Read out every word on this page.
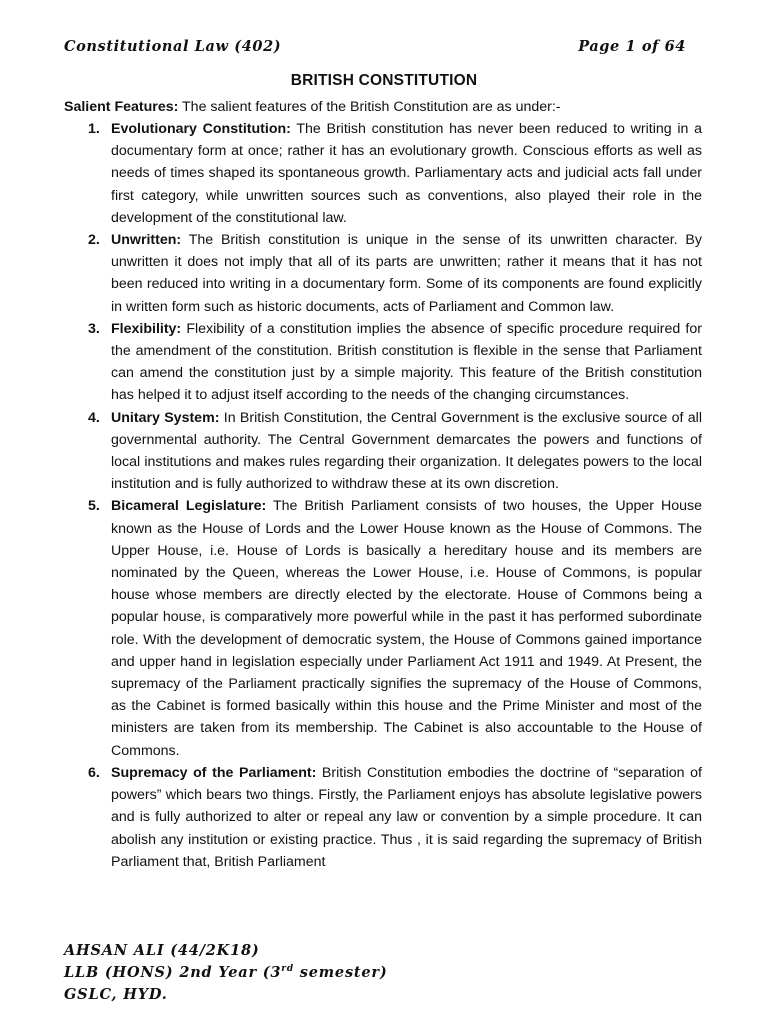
Constitutional Law (402)	Page 1 of 64
BRITISH CONSTITUTION
Salient Features: The salient features of the British Constitution are as under:-
1. Evolutionary Constitution: The British constitution has never been reduced to writing in a documentary form at once; rather it has an evolutionary growth. Conscious efforts as well as needs of times shaped its spontaneous growth. Parliamentary acts and judicial acts fall under first category, while unwritten sources such as conventions, also played their role in the development of the constitutional law.
2. Unwritten: The British constitution is unique in the sense of its unwritten character. By unwritten it does not imply that all of its parts are unwritten; rather it means that it has not been reduced into writing in a documentary form. Some of its components are found explicitly in written form such as historic documents, acts of Parliament and Common law.
3. Flexibility: Flexibility of a constitution implies the absence of specific procedure required for the amendment of the constitution. British constitution is flexible in the sense that Parliament can amend the constitution just by a simple majority. This feature of the British constitution has helped it to adjust itself according to the needs of the changing circumstances.
4. Unitary System: In British Constitution, the Central Government is the exclusive source of all governmental authority. The Central Government demarcates the powers and functions of local institutions and makes rules regarding their organization. It delegates powers to the local institution and is fully authorized to withdraw these at its own discretion.
5. Bicameral Legislature: The British Parliament consists of two houses, the Upper House known as the House of Lords and the Lower House known as the House of Commons. The Upper House, i.e. House of Lords is basically a hereditary house and its members are nominated by the Queen, whereas the Lower House, i.e. House of Commons, is popular house whose members are directly elected by the electorate. House of Commons being a popular house, is comparatively more powerful while in the past it has performed subordinate role. With the development of democratic system, the House of Commons gained importance and upper hand in legislation especially under Parliament Act 1911 and 1949. At Present, the supremacy of the Parliament practically signifies the supremacy of the House of Commons, as the Cabinet is formed basically within this house and the Prime Minister and most of the ministers are taken from its membership. The Cabinet is also accountable to the House of Commons.
6. Supremacy of the Parliament: British Constitution embodies the doctrine of “separation of powers” which bears two things. Firstly, the Parliament enjoys has absolute legislative powers and is fully authorized to alter or repeal any law or convention by a simple procedure. It can abolish any institution or existing practice. Thus , it is said regarding the supremacy of British Parliament that, British Parliament
AHSAN ALI (44/2K18)
LLB (HONS) 2nd Year (3rd semester)
GSLC, HYD.
